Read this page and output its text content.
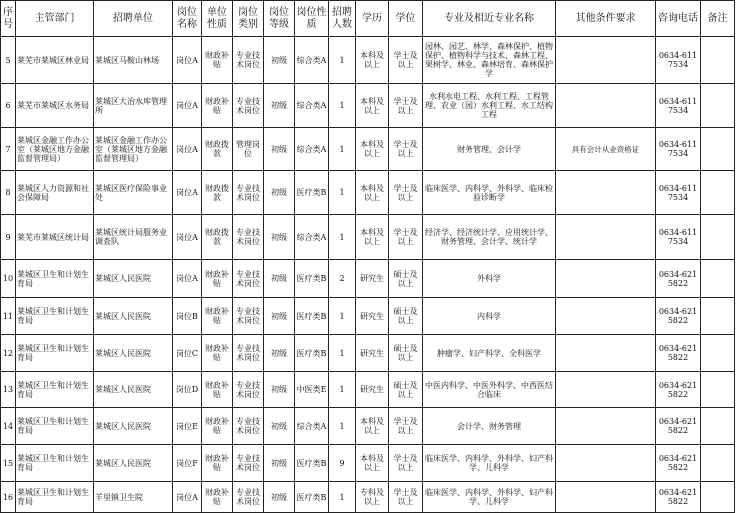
序号	主管部门	招聘单位	岗位名称	单位性质	岗位类别	岗位等级	岗位性质	招聘人数	学历	学位	专业及相近专业名称	其他条件要求	咨询电话	备注
5	莱芜市莱城区林业局	莱城区马鞍山林场	岗位A	财政补贴	专业技术岗位	初级	综合类A	1	本科及以上	学士及以上	园林、园艺、林学、森林保护、植物保护、植物科学与技术、森林工程、果树学、林业、森林培育、森林保护学		0634-6117534	
6	莱芜市莱城区水务局	莱城区大冶水库管理所	岗位A	财政补贴	专业技术岗位	初级	综合类A	1	本科及以上	学士及以上	水利水电工程、水利工程、工程管理、农业（园）水利工程、水工结构工程		0634-6117534	
7	莱城区金融工作办公室（莱城区地方金融监督管理局）	莱城区金融工作办公室（莱城区地方金融监督管理局）	岗位A	财政拨款	管理岗位	初级	综合类A	1	本科及以上	学士及以上	财务管理、会计学	具有会计从业资格证	0634-6117534	
8	莱城区人力资源和社会保障局	莱城区医疗保险事业处	岗位A	财政拨款	专业技术岗位	初级	医疗类B	1	本科及以上	学士及以上	临床医学、内科学、外科学、临床检验诊断学		0634-6117534	
9	莱芜市莱城区统计局	莱城区统计局服务业调查队	岗位A	财政拨款	专业技术岗位	初级	综合类A	1	本科及以上	学士及以上	经济学、经济统计学、应用统计学、财务管理、会计学、统计学		0634-6117534	
10	莱城区卫生和计划生育局	莱城区人民医院	岗位A	财政补贴	专业技术岗位	初级	医疗类B	2	研究生	硕士及以上	外科学		0634-6215822	
11	莱城区卫生和计划生育局	莱城区人民医院	岗位B	财政补贴	专业技术岗位	初级	医疗类B	1	研究生	硕士及以上	内科学		0634-6215822	
12	莱城区卫生和计划生育局	莱城区人民医院	岗位C	财政补贴	专业技术岗位	初级	医疗类B	1	研究生	硕士及以上	肿瘤学、妇产科学、全科医学		0634-6215822	
13	莱城区卫生和计划生育局	莱城区人民医院	岗位D	财政补贴	专业技术岗位	初级	中医类E	1	研究生	硕士及以上	中医内科学、中医外科学、中西医结合临床		0634-6215822	
14	莱城区卫生和计划生育局	莱城区人民医院	岗位E	财政补贴	专业技术岗位	初级	综合类A	1	本科及以上	学士及以上	会计学、财务管理		0634-6215822	
15	莱城区卫生和计划生育局	莱城区人民医院	岗位F	财政补贴	专业技术岗位	初级	医疗类B	9	本科及以上	学士及以上	临床医学、内科学、外科学、妇产科学、儿科学		0634-6215822	
16	莱城区卫生和计划生育局	羊里镇卫生院	岗位A	财政补贴	专业技术岗位	初级	医疗类B	1	专科及以上	学士及以上	临床医学、内科学、外科学、妇产科学、儿科学		0634-6215822	
